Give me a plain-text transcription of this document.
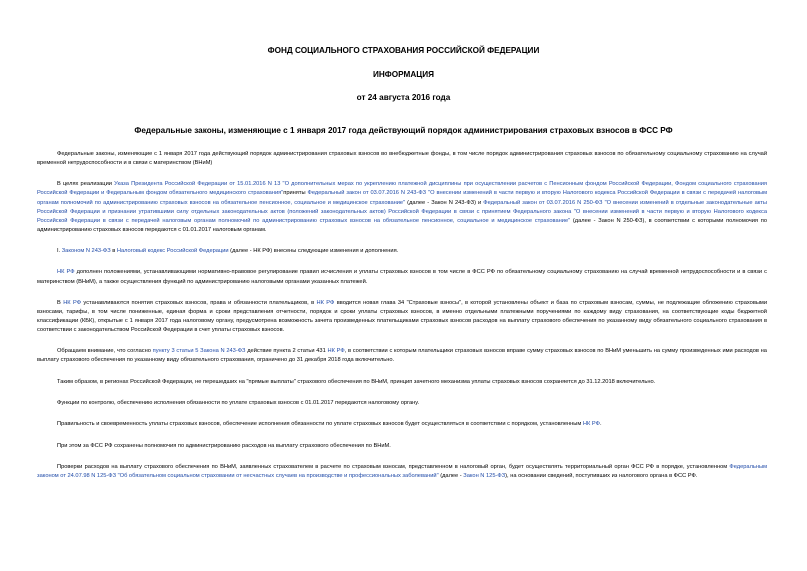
ФОНД СОЦИАЛЬНОГО СТРАХОВАНИЯ РОССИЙСКОЙ ФЕДЕРАЦИИ
ИНФОРМАЦИЯ
от 24 августа 2016 года
Федеральные законы, изменяющие с 1 января 2017 года действующий порядок администрирования страховых взносов в ФСС РФ

Федеральные законы, изменяющие с 1 января 2017 года действующий порядок администрирования страховых взносов во внебюджетные фонды, в том числе порядок администрирования страховых взносов по обязательному социальному страхованию на случай временной нетрудоспособности и в связи с материнством (ВНиМ)

В целях реализации Указа Президента Российской Федерации от 15.01.2016 N 13 "О дополнительных мерах по укреплению платежной дисциплины при осуществлении расчетов с Пенсионным фондом Российской Федерации, Фондом социального страхования Российской Федерации и Федеральным фондом обязательного медицинского страхования"приняты Федеральный закон от 03.07.2016 N 243-ФЗ "О внесении изменений в части первую и вторую Налогового кодекса Российской Федерации в связи с передачей налоговым органам полномочий по администрированию страховых взносов на обязательное пенсионное, социальное и медицинское страхование" (далее - Закон N 243-ФЗ) и Федеральный закон от 03.07.2016 N 250-ФЗ "О внесении изменений в отдельные законодательные акты Российской Федерации и признании утратившими силу отдельных законодательных актов (положений законодательных актов) Российской Федерации в связи с принятием Федерального закона "О внесении изменений в части первую и вторую Налогового кодекса Российской Федерации в связи с передачей налоговым органам полномочий по администрированию страховых взносов на обязательное пенсионное, социальное и медицинское страхование" (далее - Закон N 250-ФЗ), в соответствии с которыми полномочия по администрированию страховых взносов передаются с 01.01.2017 налоговым органам.

I. Законом N 243-ФЗ в Налоговый кодекс Российской Федерации (далее - НК РФ) внесены следующие изменения и дополнения.

НК РФ дополнен положениями, устанавливающими нормативно-правовое регулирование правил исчисления и уплаты страховых взносов в том числе в ФСС РФ по обязательному социальному страхованию на случай временной нетрудоспособности и в связи с материнством (ВНиМ), а также осуществления функций по администрированию налоговыми органами указанных платежей.

В НК РФ устанавливаются понятия страховых взносов, права и обязанности плательщиков, в НК РФ вводится новая глава 34 "Страховые взносы", в которой установлены объект и база по страховым взносам, суммы, не подлежащие обложению страховыми взносами, тарифы, в том числе пониженные, единая форма и сроки представления отчетности, порядок и сроки уплаты страховых взносов, в именно отдельными платежными поручениями по каждому виду страхования, на соответствующие коды бюджетной классификации (КБК), открытые с 1 января 2017 года налоговому органу, предусмотрена возможность зачета произведенных плательщиками страховых взносов расходов на выплату страхового обеспечения по указанному виду обязательного социального страхования в соответствии с законодательством Российской Федерации в счет уплаты страховых взносов.

Обращаем внимание, что согласно пункту 3 статьи 5 Закона N 243-ФЗ действие пункта 2 статьи 431 НК РФ, в соответствии с которым плательщики страховых взносов вправе сумму страховых взносов по ВНиМ уменьшить на сумму произведенных ими расходов на выплату страхового обеспечения по указанному виду обязательного страхования, ограничено до 31 декабря 2018 года включительно.

Таким образом, в регионах Российской Федерации, не перешедших на "прямые выплаты" страхового обеспечения по ВНиМ, принцип зачетного механизма уплаты страховых взносов сохраняется до 31.12.2018 включительно.

Функции по контролю, обеспечению исполнения обязанности по уплате страховых взносов с 01.01.2017 передаются налоговому органу.

Правильность и своевременность уплаты страховых взносов, обеспечение исполнения обязанности по уплате страховых взносов будет осуществляться в соответствии с порядком, установленным НК РФ.

При этом за ФСС РФ сохранены полномочия по администрированию расходов на выплату страхового обеспечения по ВНиМ.

Проверки расходов на выплату страхового обеспечения по ВНиМ, заявленных страхователем в расчете по страховым взносам, представленном в налоговый орган, будет осуществлять территориальный орган ФСС РФ в порядке, установленном Федеральным законом от 24.07.98 N 125-ФЗ "Об обязательном социальном страховании от несчастных случаев на производстве и профессиональных заболеваний" (далее - Закон N 125-ФЗ), на основании сведений, поступивших из налогового органа в ФСС РФ.
